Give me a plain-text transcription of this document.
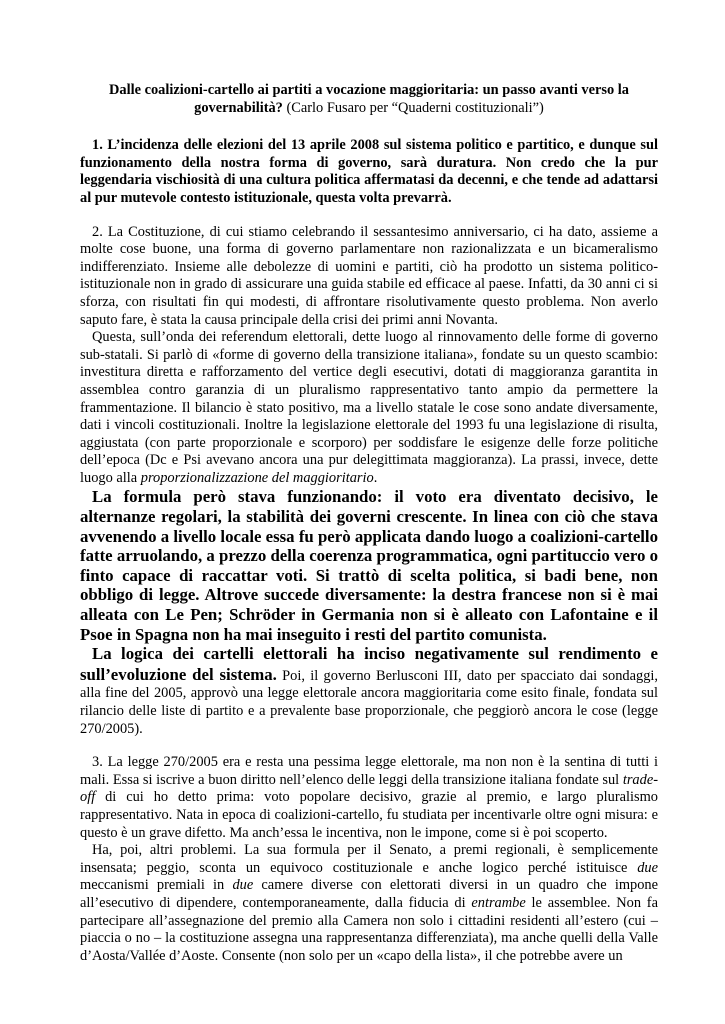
Dalle coalizioni-cartello ai partiti a vocazione maggioritaria: un passo avanti verso la governabilità? (Carlo Fusaro per “Quaderni costituzionali”)

1. L’incidenza delle elezioni del 13 aprile 2008 sul sistema politico e partitico, e dunque sul funzionamento della nostra forma di governo, sarà duratura. Non credo che la pur leggendaria vischiosità di una cultura politica affermatasi da decenni, e che tende ad adattarsi al pur mutevole contesto istituzionale, questa volta prevarrà.

2. La Costituzione, di cui stiamo celebrando il sessantesimo anniversario, ci ha dato, assieme a molte cose buone, una forma di governo parlamentare non razionalizzata e un bicameralismo indifferenziato. Insieme alle debolezze di uomini e partiti, ciò ha prodotto un sistema politico-istituzionale non in grado di assicurare una guida stabile ed efficace al paese. Infatti, da 30 anni ci si sforza, con risultati fin qui modesti, di affrontare risolutivamente questo problema. Non averlo saputo fare, è stata la causa principale della crisi dei primi anni Novanta.

Questa, sull’onda dei referendum elettorali, dette luogo al rinnovamento delle forme di governo sub-statali. Si parlò di «forme di governo della transizione italiana», fondate su un questo scambio: investitura diretta e rafforzamento del vertice degli esecutivi, dotati di maggioranza garantita in assemblea contro garanzia di un pluralismo rappresentativo tanto ampio da permettere la frammentazione. Il bilancio è stato positivo, ma a livello statale le cose sono andate diversamente, dati i vincoli costituzionali. Inoltre la legislazione elettorale del 1993 fu una legislazione di risulta, aggiustata (con parte proporzionale e scorporo) per soddisfare le esigenze delle forze politiche dell’epoca (Dc e Psi avevano ancora una pur delegittimata maggioranza). La prassi, invece, dette luogo alla proporzionalizzazione del maggioritario.

La formula però stava funzionando: il voto era diventato decisivo, le alternanze regolari, la stabilità dei governi crescente. In linea con ciò che stava avvenendo a livello locale essa fu però applicata dando luogo a coalizioni-cartello fatte arruolando, a prezzo della coerenza programmatica, ogni partituccio vero o finto capace di raccattar voti. Si trattò di scelta politica, si badi bene, non obbligo di legge. Altrove succede diversamente: la destra francese non si è mai alleata con Le Pen; Schröder in Germania non si è alleato con Lafontaine e il Psoe in Spagna non ha mai inseguito i resti del partito comunista.

La logica dei cartelli elettorali ha inciso negativamente sul rendimento e sull’evoluzione del sistema. Poi, il governo Berlusconi III, dato per spacciato dai sondaggi, alla fine del 2005, approvò una legge elettorale ancora maggioritaria come esito finale, fondata sul rilancio delle liste di partito e a prevalente base proporzionale, che peggiorò ancora le cose (legge 270/2005).

3. La legge 270/2005 era e resta una pessima legge elettorale, ma non non è la sentina di tutti i mali. Essa si iscrive a buon diritto nell’elenco delle leggi della transizione italiana fondate sul trade-off di cui ho detto prima: voto popolare decisivo, grazie al premio, e largo pluralismo rappresentativo. Nata in epoca di coalizioni-cartello, fu studiata per incentivarle oltre ogni misura: e questo è un grave difetto. Ma anch’essa le incentiva, non le impone, come si è poi scoperto.

Ha, poi, altri problemi. La sua formula per il Senato, a premi regionali, è semplicemente insensata; peggio, sconta un equivoco costituzionale e anche logico perché istituisce due meccanismi premiali in due camere diverse con elettorati diversi in un quadro che impone all’esecutivo di dipendere, contemporaneamente, dalla fiducia di entrambe le assemblee. Non fa partecipare all’assegnazione del premio alla Camera non solo i cittadini residenti all’estero (cui – piaccia o no – la costituzione assegna una rappresentanza differenziata), ma anche quelli della Valle d’Aosta/Vallée d’Aoste. Consente (non solo per un «capo della lista», il che potrebbe avere un
